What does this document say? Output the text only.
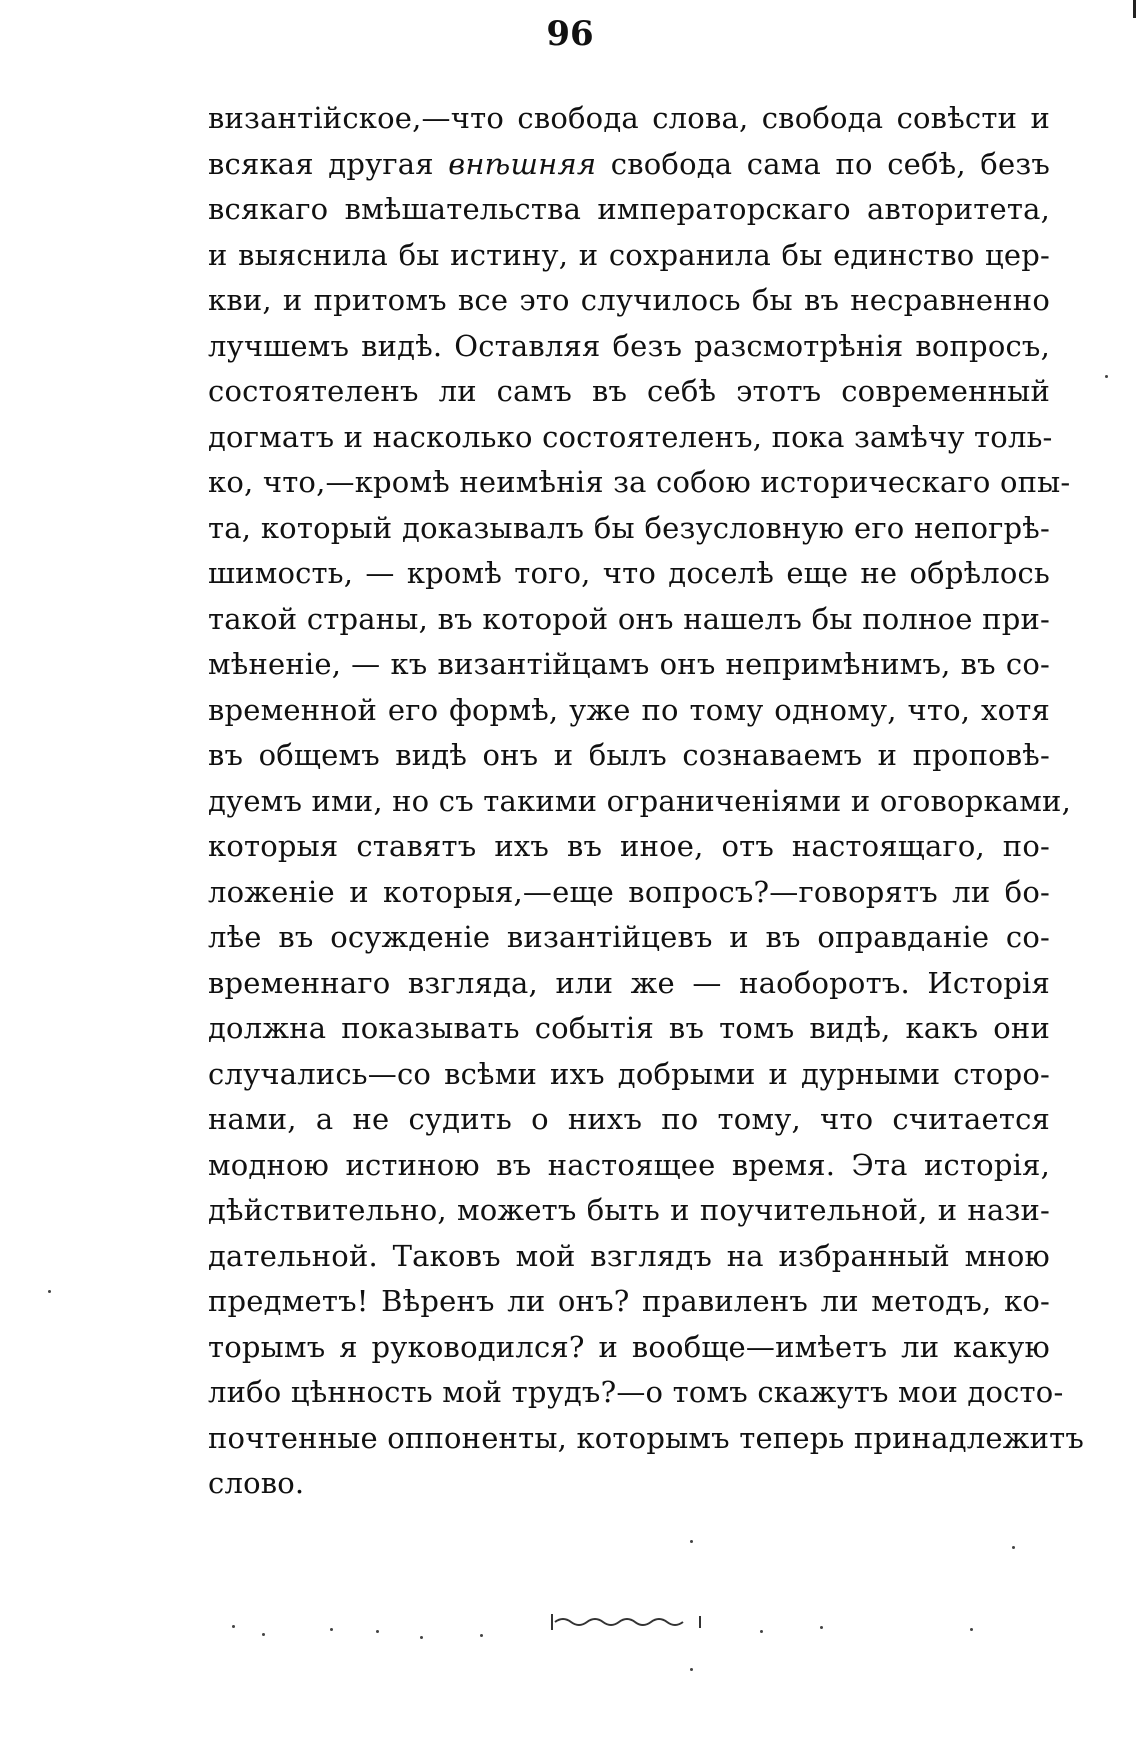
96
византійское,—что свобода слова, свобода совѣсти и
всякая другая внѣшняя свобода сама по себѣ, безъ
всякаго вмѣшательства императорскаго авторитета,
и выяснила бы истину, и сохранила бы единство цер-
кви, и притомъ все это случилось бы въ несравненно
лучшемъ видѣ. Оставляя безъ разсмотрѣнія вопросъ,
состоятеленъ ли самъ въ себѣ этотъ современный
догматъ и насколько состоятеленъ, пока замѣчу толь-
ко, что,—кромѣ неимѣнія за собою историческаго опы-
та, который доказывалъ бы безусловную его непогрѣ-
шимость, — кромѣ того, что доселѣ еще не обрѣлось
такой страны, въ которой онъ нашелъ бы полное при-
мѣненіе, — къ византійцамъ онъ непримѣнимъ, въ со-
временной его формѣ, уже по тому одному, что, хотя
въ общемъ видѣ онъ и былъ сознаваемъ и проповѣ-
дуемъ ими, но съ такими ограниченіями и оговорками,
которыя ставятъ ихъ въ иное, отъ настоящаго, по-
ложеніе и которыя,—еще вопросъ?—говорятъ ли бо-
лѣе въ осужденіе византійцевъ и въ оправданіе со-
временнаго взгляда, или же — наоборотъ. Исторія
должна показывать событія въ томъ видѣ, какъ они
случались—со всѣми ихъ добрыми и дурными сторо-
нами, а не судить о нихъ по тому, что считается
модною истиною въ настоящее время. Эта исторія,
дѣйствительно, можетъ быть и поучительной, и нази-
дательной. Таковъ мой взглядъ на избранный мною
предметъ! Вѣренъ ли онъ? правиленъ ли методъ, ко-
торымъ я руководился? и вообще—имѣетъ ли какую
либо цѣнность мой трудъ?—о томъ скажутъ мои досто-
почтенные оппоненты, которымъ теперь принадлежитъ
слово.
